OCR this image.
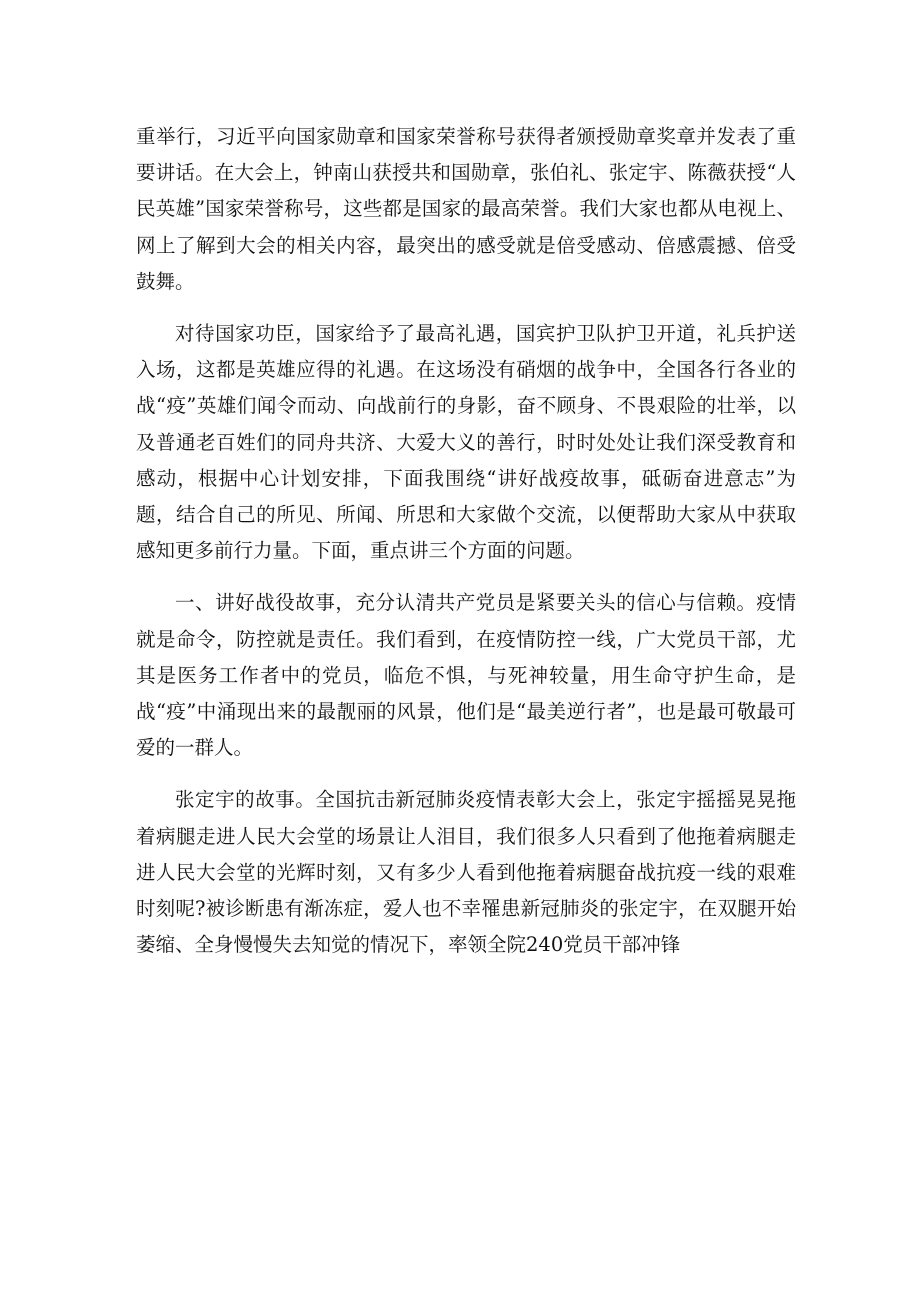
重举行，习近平向国家勋章和国家荣誉称号获得者颁授勋章奖章并发表了重要讲话。在大会上，钟南山获授共和国勋章，张伯礼、张定宇、陈薇获授“人民英雄”国家荣誉称号，这些都是国家的最高荣誉。我们大家也都从电视上、网上了解到大会的相关内容，最突出的感受就是倍受感动、倍感震撼、倍受鼓舞。

对待国家功臣，国家给予了最高礼遇，国宾护卫队护卫开道，礼兵护送入场，这都是英雄应得的礼遇。在这场没有硝烟的战争中，全国各行各业的战“疫”英雄们闻令而动、向战前行的身影，奋不顾身、不畏艰险的壮举，以及普通老百姓们的同舟共济、大爱大义的善行，时时处处让我们深受教育和感动，根据中心计划安排，下面我围绕“讲好战疫故事，砥砺奋进意志”为题，结合自己的所见、所闻、所思和大家做个交流，以便帮助大家从中获取感知更多前行力量。下面，重点讲三个方面的问题。

一、讲好战役故事，充分认清共产党员是紧要关头的信心与信赖。疫情就是命令，防控就是责任。我们看到，在疫情防控一线，广大党员干部，尤其是医务工作者中的党员，临危不惧，与死神较量，用生命守护生命，是战“疫”中涌现出来的最靓丽的风景，他们是“最美逆行者”，也是最可敬最可爱的一群人。

张定宇的故事。全国抗击新冠肺炎疫情表彰大会上，张定宇摇摇晃晃拖着病腿走进人民大会堂的场景让人泪目，我们很多人只看到了他拖着病腿走进人民大会堂的光辉时刻，又有多少人看到他拖着病腿奋战抗疫一线的艰难时刻呢?被诊断患有渐冻症，爱人也不幸罹患新冠肺炎的张定宇，在双腿开始萎缩、全身慢慢失去知觉的情况下，率领全院240党员干部冲锋
